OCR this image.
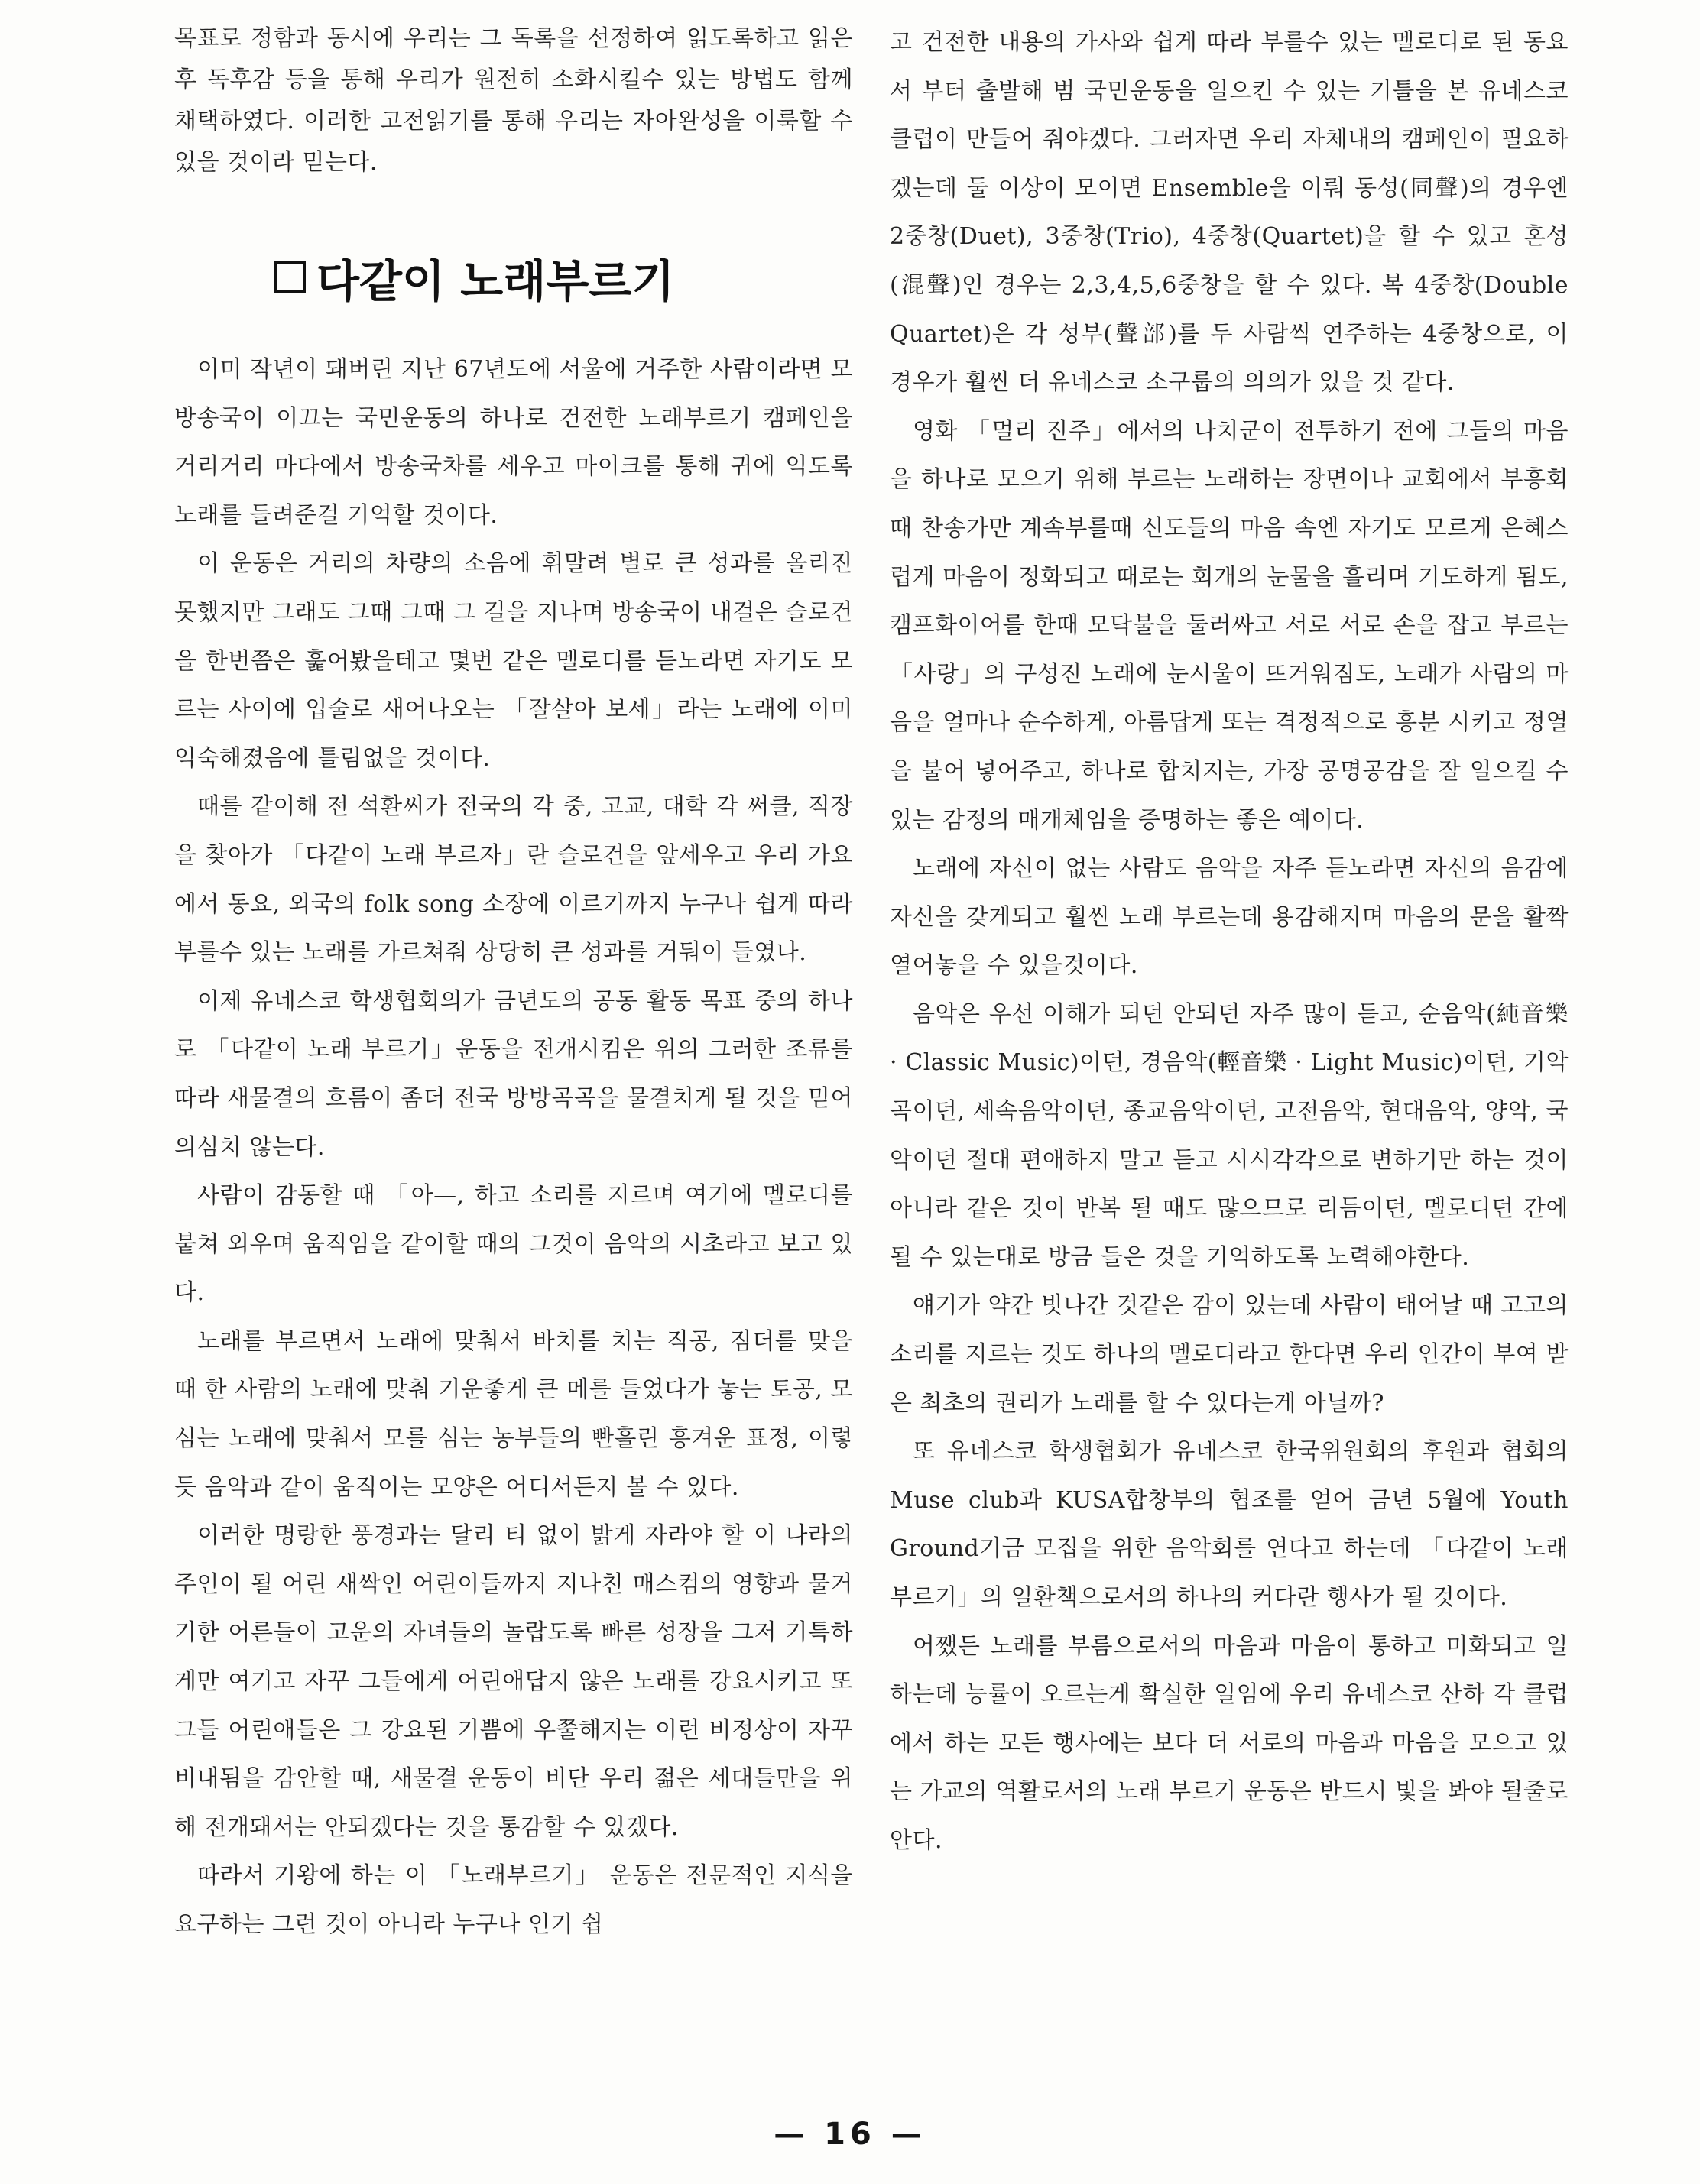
목표로 정함과 동시에 우리는 그 독록을 선정하여 읽도록하고 읽은후 독후감 등을 통해 우리가 원전히 소화시킬수 있는 방법도 함께 채택하였다. 이러한 고전읽기를 통해 우리는 자아완성을 이룩할 수 있을 것이라 믿는다.

다같이 노래부르기

이미 작년이 돼버린 지난 67년도에 서울에 거주한 사람이라면 모 방송국이 이끄는 국민운동의 하나로 건전한 노래부르기 캠페인을 거리거리 마다에서 방송국차를 세우고 마이크를 통해 귀에 익도록 노래를 들려준걸 기억할 것이다.

이 운동은 거리의 차량의 소음에 휘말려 별로 큰 성과를 올리진 못했지만 그래도 그때 그때 그 길을 지나며 방송국이 내걸은 슬로건을 한번쯤은 훑어봤을테고 몇번 같은 멜로디를 듣노라면 자기도 모르는 사이에 입술로 새어나오는 「잘살아 보세」라는 노래에 이미 익숙해졌음에 틀림없을 것이다.

때를 같이해 전 석환씨가 전국의 각 중, 고교, 대학 각 써클, 직장을 찾아가 「다같이 노래 부르자」란 슬로건을 앞세우고 우리 가요에서 동요, 외국의 folk song 소장에 이르기까지 누구나 쉽게 따라 부를수 있는 노래를 가르쳐줘 상당히 큰 성과를 거둬이 들였나.

이제 유네스코 학생협회의가 금년도의 공동 활동 목표 중의 하나로 「다같이 노래 부르기」운동을 전개시킴은 위의 그러한 조류를 따라 새물결의 흐름이 좀더 전국 방방곡곡을 물결치게 될 것을 믿어 의심치 않는다.

사람이 감동할 때 「아—, 하고 소리를 지르며 여기에 멜로디를 붙쳐 외우며 움직임을 같이할 때의 그것이 음악의 시초라고 보고 있다.

노래를 부르면서 노래에 맞춰서 바치를 치는 직공, 짐더를 맞을 때 한 사람의 노래에 맞춰 기운좋게 큰 메를 들었다가 놓는 토공, 모심는 노래에 맞춰서 모를 심는 농부들의 빤흘린 흥겨운 표정, 이렇듯 음악과 같이 움직이는 모양은 어디서든지 볼 수 있다.

이러한 명랑한 풍경과는 달리 티 없이 밝게 자라야 할 이 나라의 주인이 될 어린 새싹인 어린이들까지 지나친 매스컴의 영향과 물거기한 어른들이 고운의 자녀들의 놀랍도록 빠른 성장을 그저 기특하게만 여기고 자꾸 그들에게 어린애답지 않은 노래를 강요시키고 또 그들 어린애들은 그 강요된 기쁨에 우쭐해지는 이런 비정상이 자꾸 비내됨을 감안할 때, 새물결 운동이 비단 우리 젊은 세대들만을 위해 전개돼서는 안되겠다는 것을 통감할 수 있겠다.

따라서 기왕에 하는 이 「노래부르기」 운동은 전문적인 지식을 요구하는 그런 것이 아니라 누구나 인기 쉽

고 건전한 내용의 가사와 쉽게 따라 부를수 있는 멜로디로 된 동요서 부터 출발해 범 국민운동을 일으킨 수 있는 기틀을 본 유네스코 클럽이 만들어 줘야겠다. 그러자면 우리 자체내의 캠페인이 필요하겠는데 둘 이상이 모이면 Ensemble을 이뤄 동성(同聲)의 경우엔 2중창(Duet), 3중창(Trio), 4중창(Quartet)을 할 수 있고 혼성(混聲)인 경우는 2,3,4,5,6중창을 할 수 있다. 복 4중창(Double Quartet)은 각 성부(聲部)를 두 사람씩 연주하는 4중창으로, 이 경우가 훨씬 더 유네스코 소구룹의 의의가 있을 것 같다.

영화 「멀리 진주」에서의 나치군이 전투하기 전에 그들의 마음을 하나로 모으기 위해 부르는 노래하는 장면이나 교회에서 부흥회때 찬송가만 계속부를때 신도들의 마음 속엔 자기도 모르게 은혜스럽게 마음이 정화되고 때로는 회개의 눈물을 흘리며 기도하게 됨도, 캠프화이어를 한때 모닥불을 둘러싸고 서로 서로 손을 잡고 부르는 「사랑」의 구성진 노래에 눈시울이 뜨거워짐도, 노래가 사람의 마음을 얼마나 순수하게, 아름답게 또는 격정적으로 흥분 시키고 정열을 불어 넣어주고, 하나로 합치지는, 가장 공명공감을 잘 일으킬 수 있는 감정의 매개체임을 증명하는 좋은 예이다.

노래에 자신이 없는 사람도 음악을 자주 듣노라면 자신의 음감에 자신을 갖게되고 훨씬 노래 부르는데 용감해지며 마음의 문을 활짝 열어놓을 수 있을것이다.

음악은 우선 이해가 되던 안되던 자주 많이 듣고, 순음악(純音樂 · Classic Music)이던, 경음악(輕音樂 · Light Music)이던, 기악곡이던, 세속음악이던, 종교음악이던, 고전음악, 현대음악, 양악, 국악이던 절대 편애하지 말고 듣고 시시각각으로 변하기만 하는 것이 아니라 같은 것이 반복 될 때도 많으므로 리듬이던, 멜로디던 간에 될 수 있는대로 방금 들은 것을 기억하도록 노력해야한다.

얘기가 약간 빗나간 것같은 감이 있는데 사람이 태어날 때 고고의 소리를 지르는 것도 하나의 멜로디라고 한다면 우리 인간이 부여 받은 최초의 권리가 노래를 할 수 있다는게 아닐까?

또 유네스코 학생협회가 유네스코 한국위원회의 후원과 협회의 Muse club과 KUSA합창부의 협조를 얻어 금년 5월에 Youth Ground기금 모집을 위한 음악회를 연다고 하는데 「다같이 노래 부르기」의 일환책으로서의 하나의 커다란 행사가 될 것이다.

어쨌든 노래를 부름으로서의 마음과 마음이 통하고 미화되고 일하는데 능률이 오르는게 확실한 일임에 우리 유네스코 산하 각 클럽에서 하는 모든 행사에는 보다 더 서로의 마음과 마음을 모으고 있는 가교의 역활로서의 노래 부르기 운동은 반드시 빛을 봐야 될줄로 안다.

— 16 —
